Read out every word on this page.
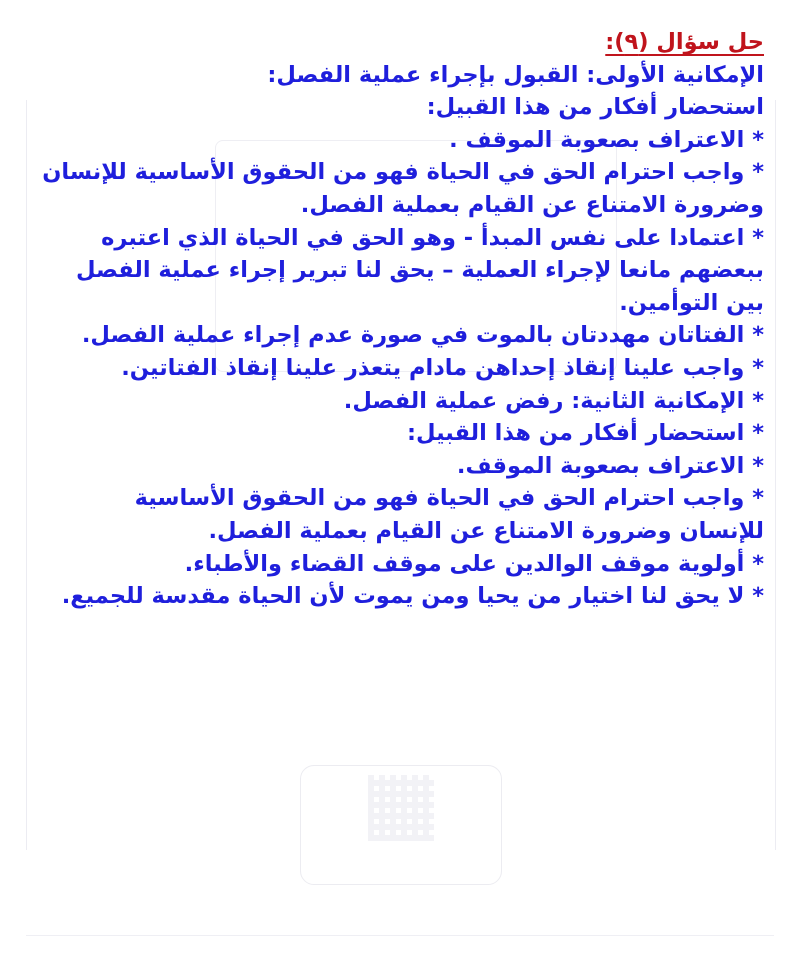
حل سؤال (٩):
الإمكانية الأولى: القبول بإجراء عملية الفصل:
استحضار أفكار من هذا القبيل:
* الاعتراف بصعوبة الموقف .
* واجب احترام الحق في الحياة فهو من الحقوق الأساسية للإنسان
وضرورة الامتناع عن القيام بعملية الفصل.
* اعتمادا على نفس المبدأ - وهو الحق في الحياة الذي اعتبره
ببعضهم مانعا لإجراء العملية – يحق لنا تبرير إجراء عملية الفصل
بين التوأمين.
* الفتاتان مهددتان بالموت في صورة عدم إجراء عملية الفصل.
* واجب علينا إنقاذ إحداهن مادام يتعذر علينا إنقاذ الفتاتين.
* الإمكانية الثانية: رفض عملية الفصل.
* استحضار أفكار من هذا القبيل:
* الاعتراف بصعوبة الموقف.
* واجب احترام الحق في الحياة فهو من الحقوق الأساسية
للإنسان وضرورة الامتناع عن القيام بعملية الفصل.
* أولوية موقف الوالدين على موقف القضاء والأطباء.
* لا يحق لنا اختيار من يحيا ومن يموت لأن الحياة مقدسة للجميع.
